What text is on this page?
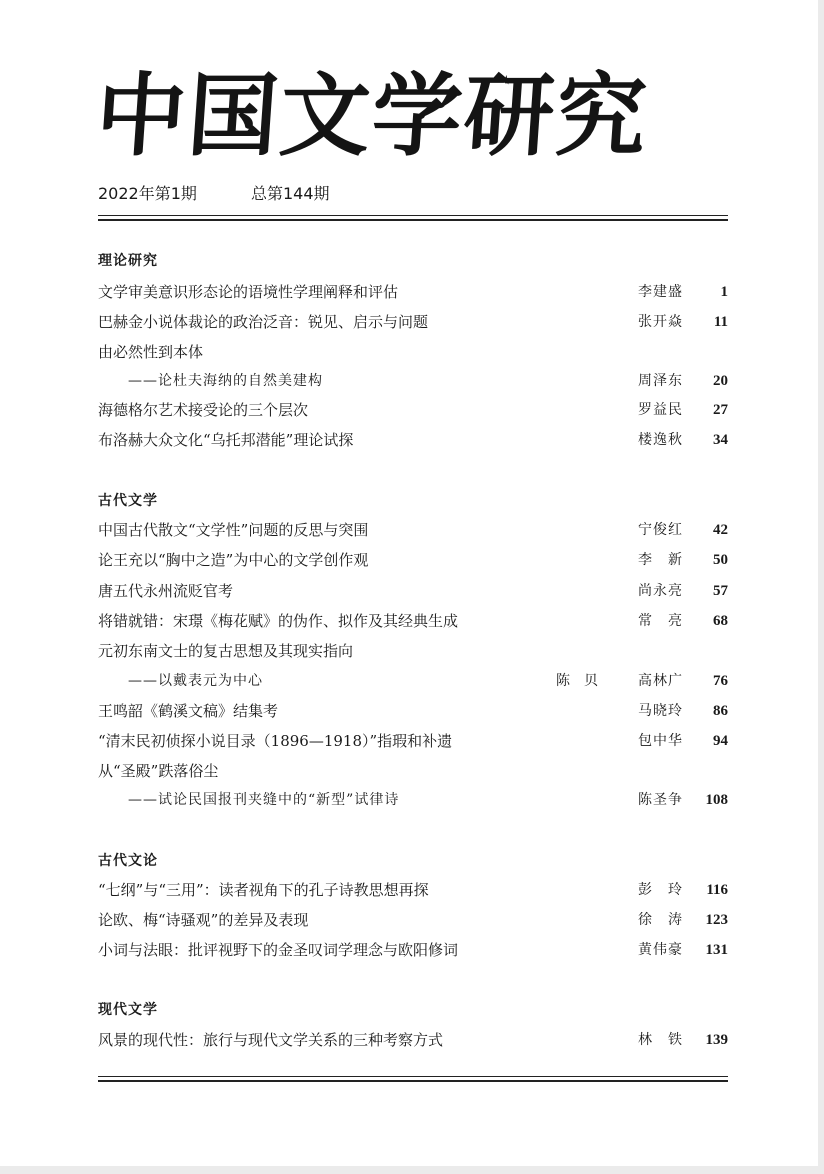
中国文学研究
2022年第1期	总第144期
理论研究
文学审美意识形态论的语境性学理阐释和评估	李建盛	1
巴赫金小说体裁论的政治泛音：锐见、启示与问题	张开焱 11
由必然性到本体
——论杜夫海纳的自然美建构	周泽东 20
海德格尔艺术接受论的三个层次	罗益民 27
布洛赫大众文化“乌托邦潜能”理论试探	楼逸秋 34
古代文学
中国古代散文“文学性”问题的反思与突围	宁俊红 42
论王充以“胸中之造”为中心的文学创作观	李新 50
唐五代永州流贬官考	尚永亮 57
将错就错：宋璟《梅花赋》的伪作、拟作及其经典生成	常亮 68
元初东南文士的复古思想及其现实指向
——以戴表元为中心	陈贝 高林广 76
王鸣韶《鹤溪文稿》结集考	马晓玲 86
“清末民初侦探小说目录（1896—1918）”指瑕和补遗	包中华 94
从“圣殿”跌落俗尘
——试论民国报刊夹缝中的“新型”试律诗	陈圣争 108
古代文论
“七纲”与“三用”：读者视角下的孔子诗教思想再探	彭玲 116
论欧、梅“诗骚观”的差异及表现	徐涛 123
小词与法眼：批评视野下的金圣叹词学理念与欧阳修词	黄伟豪 131
现代文学
风景的现代性：旅行与现代文学关系的三种考察方式	林铁 139
